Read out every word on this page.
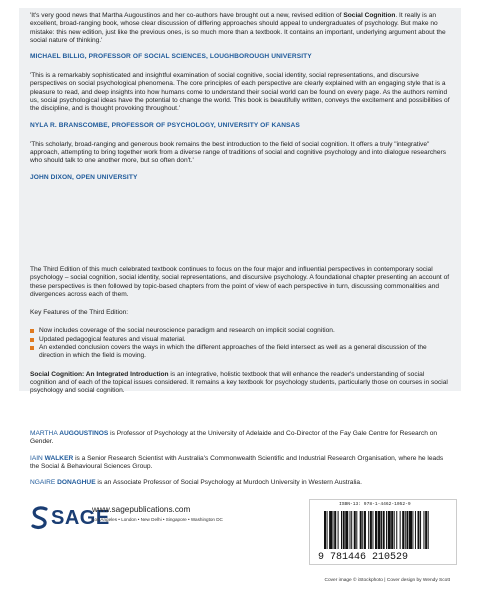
'It's very good news that Martha Augoustinos and her co-authors have brought out a new, revised edition of Social Cognition. It really is an excellent, broad-ranging book, whose clear discussion of differing approaches should appeal to undergraduates of psychology. But make no mistake: this new edition, just like the previous ones, is so much more than a textbook. It contains an important, underlying argument about the social nature of thinking.'

MICHAEL BILLIG, PROFESSOR OF SOCIAL SCIENCES, LOUGHBOROUGH UNIVERSITY

'This is a remarkably sophisticated and insightful examination of social cognitive, social identity, social representations, and discursive perspectives on social psychological phenomena. The core principles of each perspective are clearly explained with an engaging style that is a pleasure to read, and deep insights into how humans come to understand their social world can be found on every page. As the authors remind us, social psychological ideas have the potential to change the world. This book is beautifully written, conveys the excitement and possibilities of the discipline, and is thought provoking throughout.'

NYLA R. BRANSCOMBE, PROFESSOR OF PSYCHOLOGY, UNIVERSITY OF KANSAS

'This scholarly, broad-ranging and generous book remains the best introduction to the field of social cognition. It offers a truly "integrative" approach, attempting to bring together work from a diverse range of traditions of social and cognitive psychology and into dialogue researchers who should talk to one another more, but so often don't.'

JOHN DIXON, OPEN UNIVERSITY

The Third Edition of this much celebrated textbook continues to focus on the four major and influential perspectives in contemporary social psychology – social cognition, social identity, social representations, and discursive psychology. A foundational chapter presenting an account of these perspectives is then followed by topic-based chapters from the point of view of each perspective in turn, discussing commonalities and divergences across each of them.

Key Features of the Third Edition:

Now includes coverage of the social neuroscience paradigm and research on implicit social cognition.
Updated pedagogical features and visual material.
An extended conclusion covers the ways in which the different approaches of the field intersect as well as a general discussion of the direction in which the field is moving.

Social Cognition: An Integrated Introduction is an integrative, holistic textbook that will enhance the reader's understanding of social cognition and of each of the topical issues considered. It remains a key textbook for psychology students, particularly those on courses in social psychology and social cognition.

MARTHA AUGOUSTINOS is Professor of Psychology at the University of Adelaide and Co-Director of the Fay Gale Centre for Research on Gender.

IAIN WALKER is a Senior Research Scientist with Australia's Commonwealth Scientific and Industrial Research Organisation, where he leads the Social & Behavioural Sciences Group.

NGAIRE DONAGHUE is an Associate Professor of Social Psychology at Murdoch University in Western Australia.

SAGE
www.sagepublications.com
Los Angeles • London • New Delhi • Singapore • Washington DC
ISBN-13: 978-1-4462-1052-9
9 781446 210529
Cover image © iStockphoto | Cover design by Wendy Scott
